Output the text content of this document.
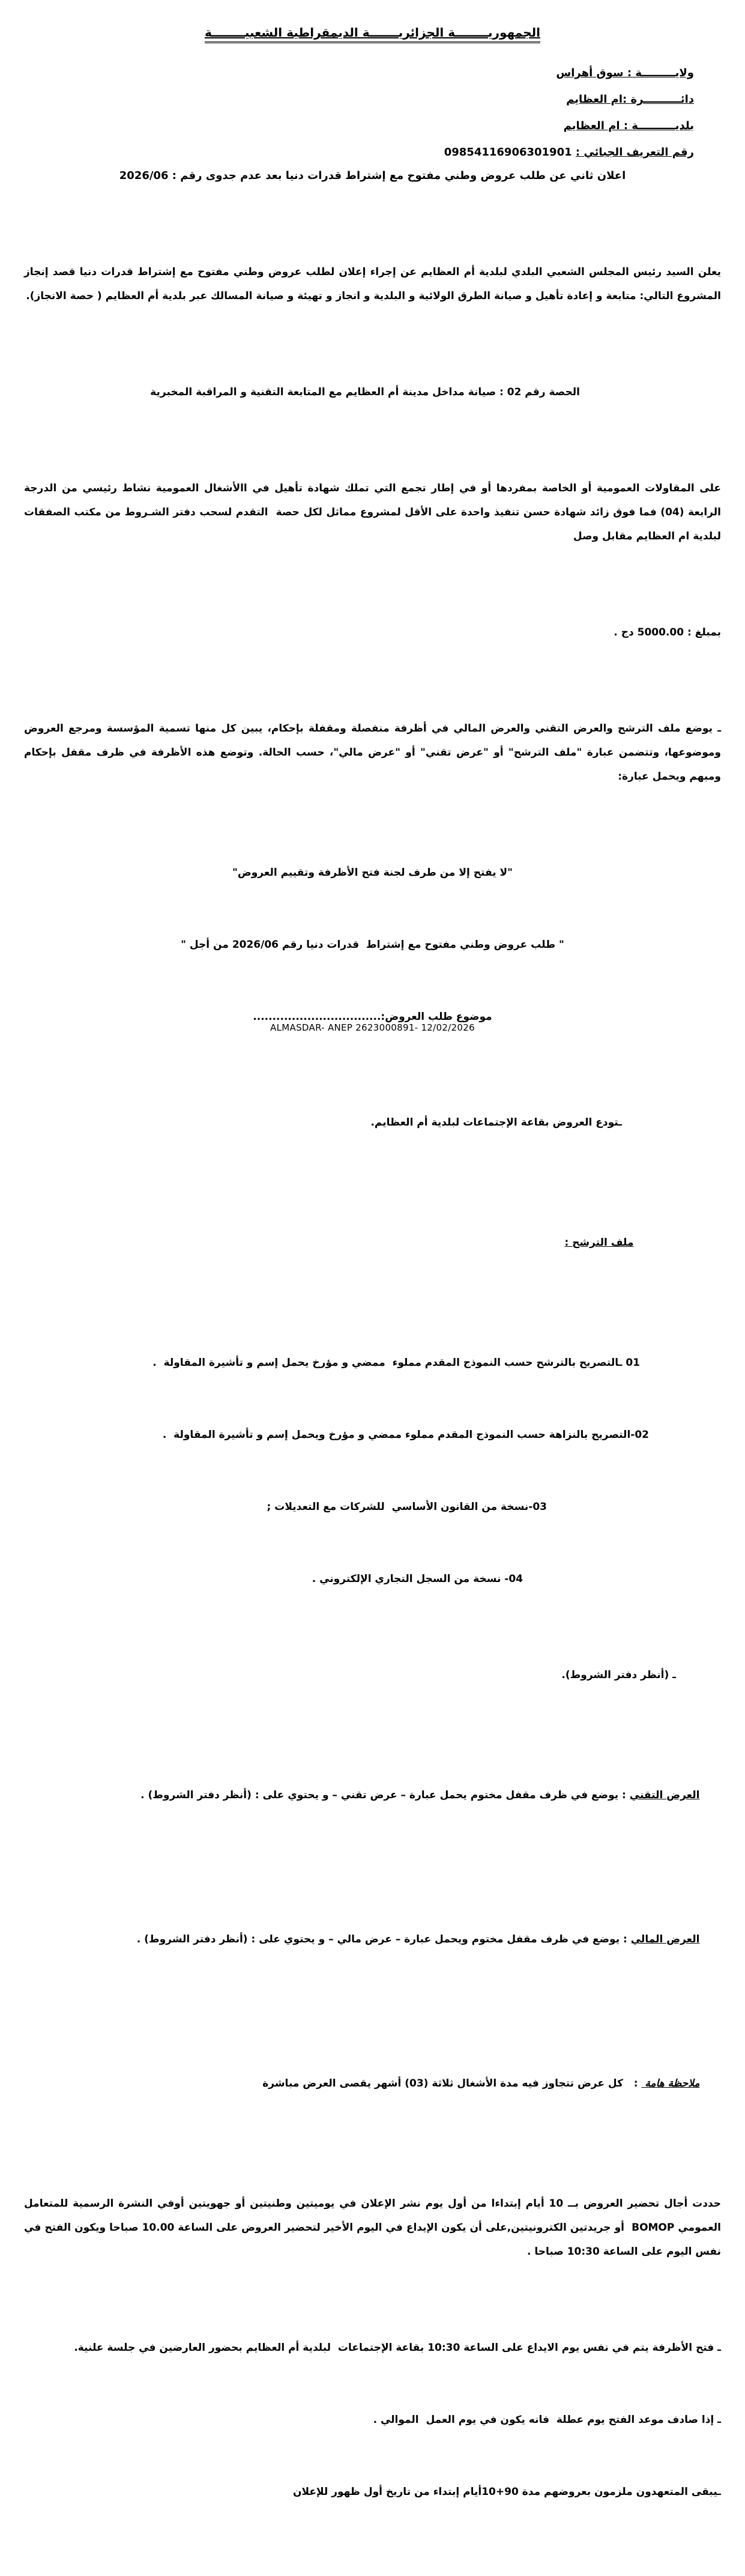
الجمهوريــــــــة الجزائريـــــــة الديمقراطية الشعبيــــــــة
ولايـــــــــة : سوق أهراس
دائــــــــــرة :ام العظايم
بلديــــــــــة : ام العظايم
رقم التعريف الجبائي : 09854116906301901
اعلان ثاني عن طلب عروض وطني مفتوح مع إشتراط قدرات دنيا بعد عدم جدوى رقم : 2026/06

يعلن السيد رئيس المجلس الشعبي البلدي لبلدية أم العظايم عن إجراء إعلان لطلب عروض وطني مفتوح مع إشتراط قدرات دنيا قصد إنجاز المشروع التالي: متابعة و إعادة تأهيل و صيانة الطرق الولائية و البلدية و انجاز و تهيئة و صيانة المسالك عبر بلدية أم العظايم ( حصة الانجاز).

الحصة رقم 02 : صيانة مداخل مدينة أم العظايم مع المتابعة التقنية و المراقبة المخبرية

على المقاولات العمومية أو الخاصة بمفردها أو في إطار تجمع التي تملك شهادة تأهيل في االأشغال العمومية نشاط رئيسي من الدرجة الرابعة (04) فما فوق زائد شهادة حسن تنفيذ واحدة على الأقل لمشروع مماثل لكل حصة  التقدم لسحب دفتر الشـروط من مكتب الصفقات لبلدية ام العظايم مقابل وصل

بمبلغ : 5000.00 دج .

ـ يوضع ملف الترشح والعرض التقني والعرض المالي في أظرفة منفصلة ومقفلة بإحكام، يبين كل منها تسمية المؤسسة ومرجع العروض وموضوعها، وتتضمن عبارة "ملف الترشح" أو "عرض تقني" أو "عرض مالي"، حسب الحالة. وتوضع هذه الأظرفة في ظرف مقفل بإحكام ومبهم ويحمل عبارة:

"لا يفتح إلا من طرف لجنة فتح الأظرفة وتقييم العروض"

" طلب عروض وطني مفتوح مع إشتراط  قدرات دنيا رقم 2026/06 من أجل "

موضوع طلب العروض:.................................

ـتودع العروض بقاعة الإجتماعات لبلدية أم العظايم.

ملف الترشح :

01 ـالتصريح بالترشح حسب النموذج المقدم مملوء  ممضي و مؤرخ يحمل إسم و تأشيرة المقاولة  .

02-التصريح بالنزاهة حسب النموذج المقدم مملوء ممضي و مؤرخ ويحمل إسم و تأشيرة المقاولة  .

03-نسخة من القانون الأساسي  للشركات مع التعديلات ;

04- نسخة من السجل التجاري الإلكتروني .

ـ (أنظر دفتر الشروط).

العرض التقني : يوضع في ظرف مقفل مختوم يحمل عبارة – عرض تقني – و يحتوي على : (أنظر دفتر الشروط) .

العرض المالي : يوضع في ظرف مقفل مختوم ويحمل عبارة – عرض مالي – و يحتوي على : (أنظر دفتر الشروط) .

ملاحظة هامة  :   كل عرض تتجاوز فيه مدة الأشغال ثلاثة (03) أشهر يقصى العرض مباشرة

حددت أجال تحضير العروض بــ 10 أيام إبتداءا من أول يوم نشر الإعلان في يوميتين وطنيتين أو جهويتين أوفي النشرة الرسمية للمتعامل العمومي BOMOP  أو جريدتين الكترونيتين,على أن يكون الإيداع في اليوم الأخير لتحضير العروض على الساعة 10.00 صباحا ويكون الفتح في نفس اليوم على الساعة 10:30 صباحا .

ـ فتح الأظرفة يتم في نفس يوم الايداع على الساعة 10:30 بقاعة الإجتماعات  لبلدية أم العظايم بحضور العارضين في جلسة علنية.

ـ إذا صادف موعد الفتح يوم عطلة  فانه يكون في يوم العمل  الموالي .

ـيبقى المتعهدون ملزمون بعروضهم مدة 90+10أيام إبتداء من تاريخ أول ظهور للإعلان

ALMASDAR- ANEP 2623000891- 12/02/2026
